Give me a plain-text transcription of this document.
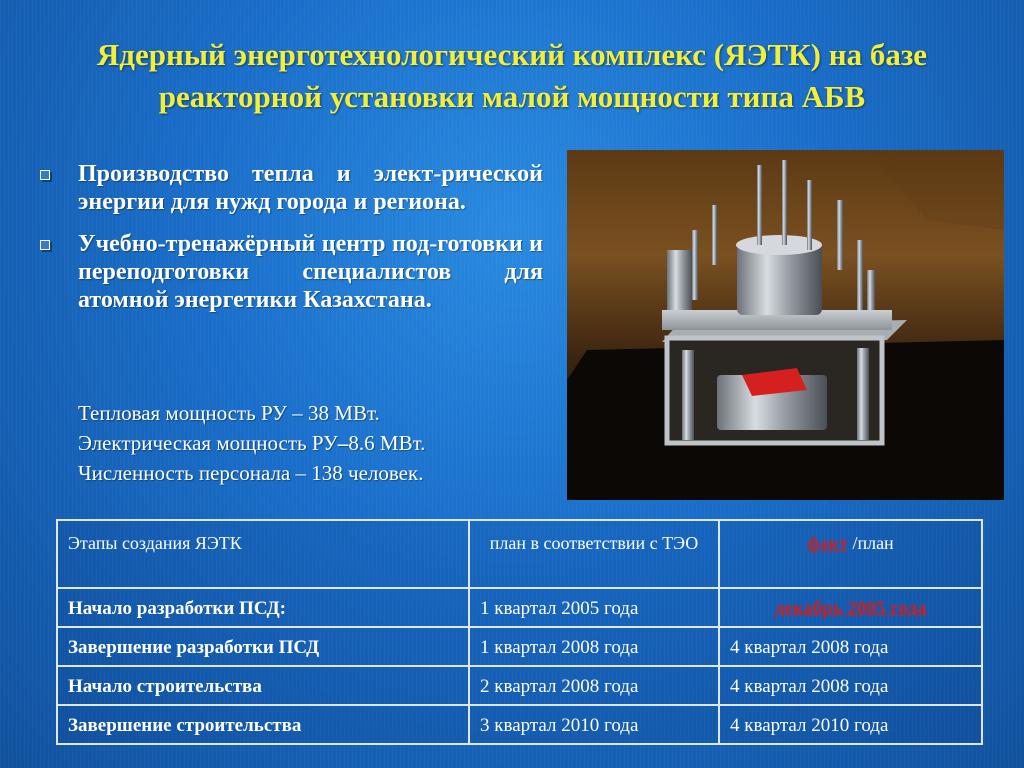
Ядерный энерготехнологический комплекс (ЯЭТК) на базе
реакторной установки малой мощности типа АБВ
Производство тепла и элект-рической энергии для нужд города и региона.
Учебно-тренажёрный центр под-готовки и переподготовки специалистов для атомной энергетики Казахстана.
Тепловая мощность РУ – 38 МВт.
Электрическая мощность РУ–8.6 МВт.
Численность персонала – 138 человек.
Этапы создания ЯЭТК	план в соответствии с ТЭО	факт /план
Начало разработки ПСД:	1 квартал 2005 года	декабрь 2005 года
Завершение разработки ПСД	1 квартал 2008 года	4 квартал 2008 года
Начало строительства	2 квартал 2008 года	4 квартал 2008 года
Завершение строительства	3 квартал 2010 года	4 квартал 2010 года
